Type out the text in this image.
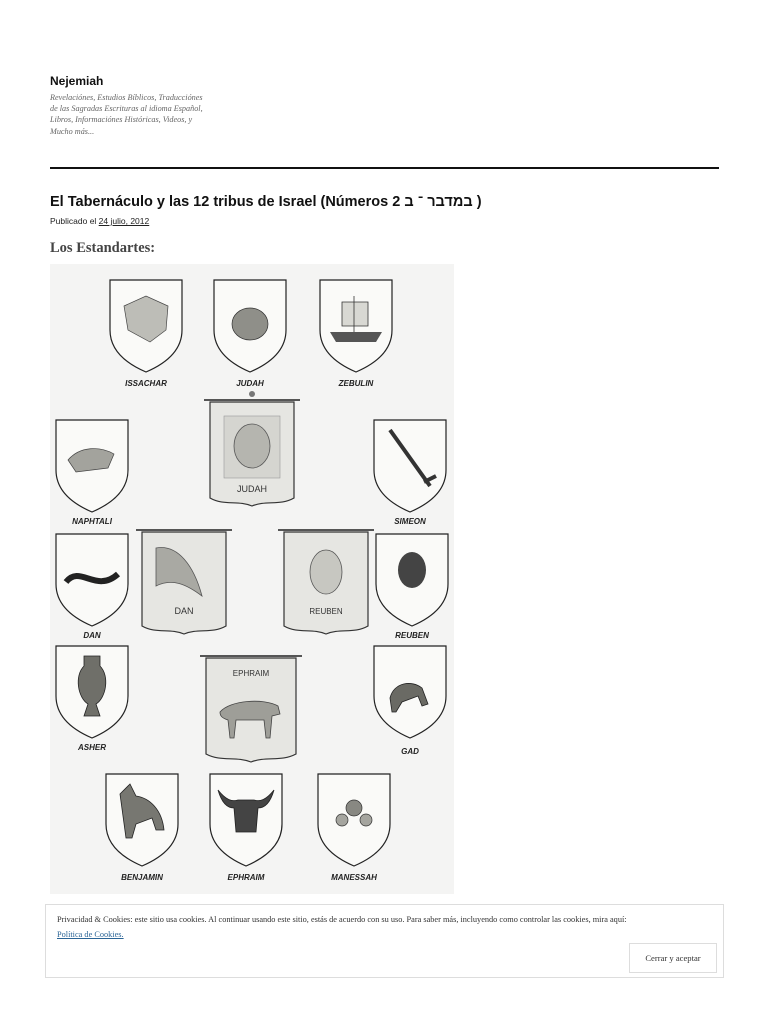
Nejemiah
Revelaciónes, Estudios Bíblicos, Traducciónes de las Sagradas Escrituras al idioma Español, Libros, Informaciónes Históricas, Videos, y Mucho más...
El Tabernáculo y las 12 tribus de Israel (Números 2 במדבר ־ ב )
Publicado el 24 julio, 2012
Los Estandartes:
JUDAH
DAN	REUBEN
EPHRAIM
ISSACHAR	JUDAH	ZEBULIN
NAPHTALI	SIMEON
DAN	REUBEN
ASHER	GAD
BENJAMIN	EPHRAIM	MANESSAH
Privacidad & Cookies: este sitio usa cookies. Al continuar usando este sitio, estás de acuerdo con su uso. Para saber más, incluyendo como controlar las cookies, mira aquí:
Política de Cookies.
Cerrar y aceptar
